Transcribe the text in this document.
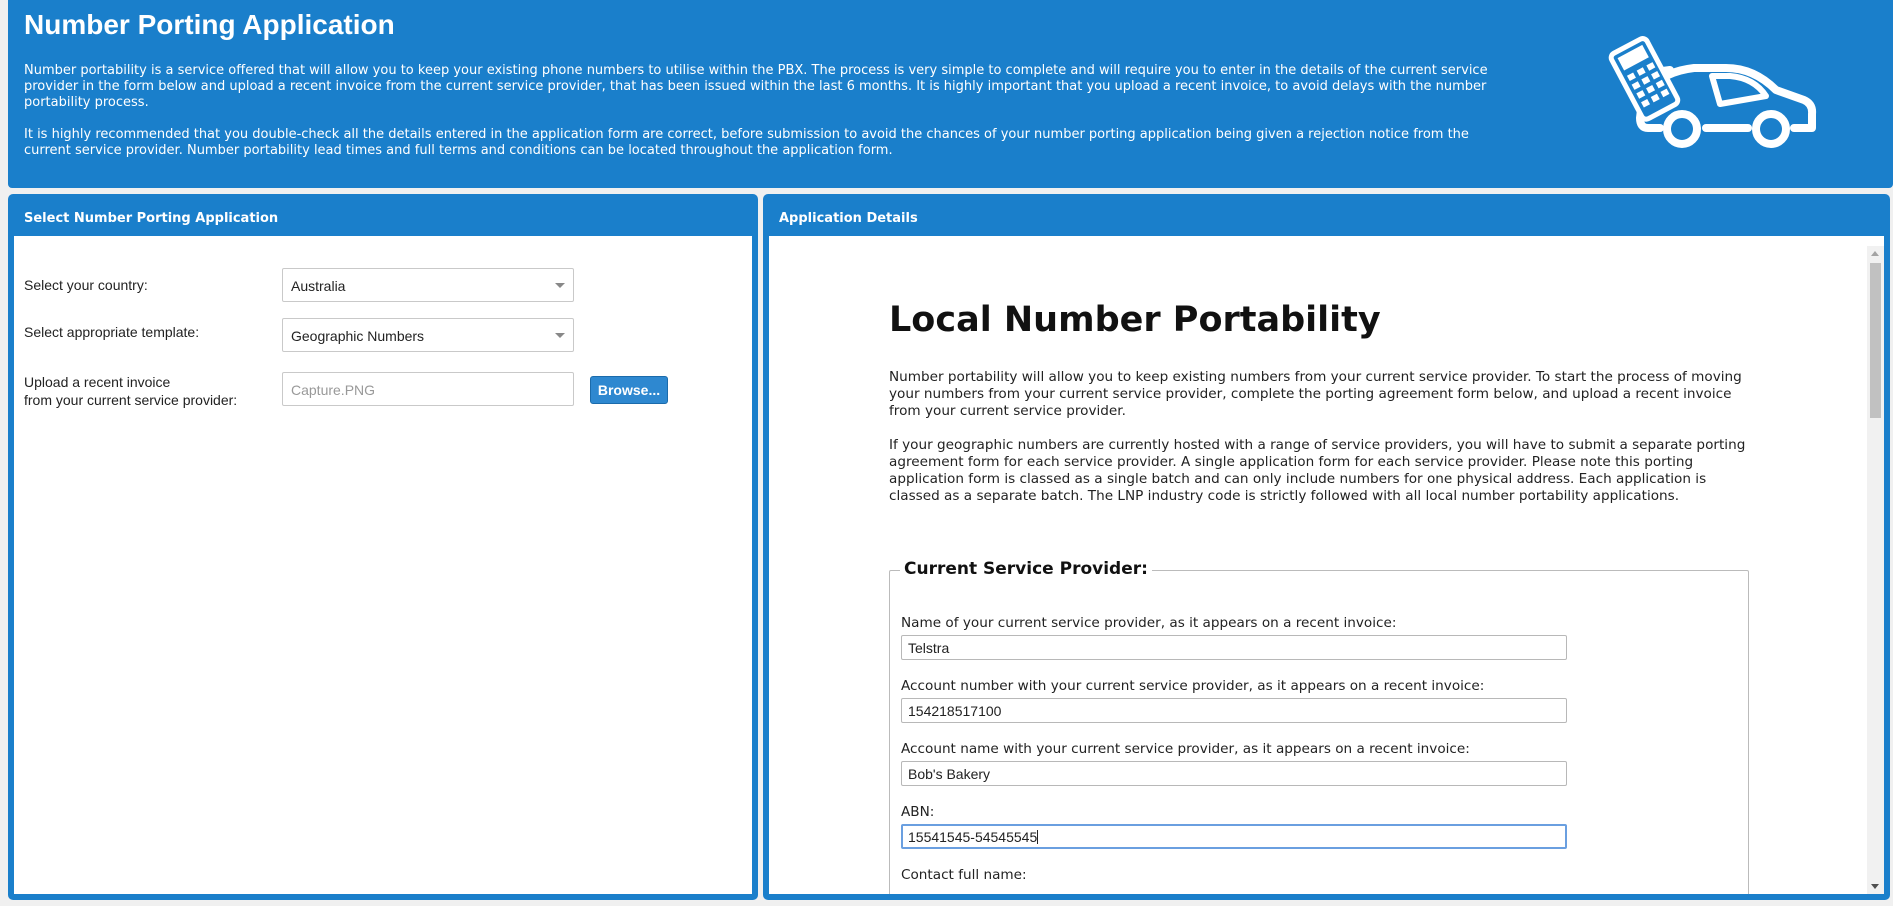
Number Porting Application
Number portability is a service offered that will allow you to keep your existing phone numbers to utilise within the PBX. The process is very simple to complete and will require you to enter in the details of the current service provider in the form below and upload a recent invoice from the current service provider, that has been issued within the last 6 months. It is highly important that you upload a recent invoice, to avoid delays with the number portability process.
It is highly recommended that you double-check all the details entered in the application form are correct, before submission to avoid the chances of your number porting application being given a rejection notice from the current service provider. Number portability lead times and full terms and conditions can be located throughout the application form.
Select Number Porting Application
Select your country:	Australia
Select appropriate template:	Geographic Numbers
Upload a recent invoice
from your current service provider:
Capture.PNG	Browse...
Application Details
Local Number Portability
Number portability will allow you to keep existing numbers from your current service provider. To start the process of moving your numbers from your current service provider, complete the porting agreement form below, and upload a recent invoice from your current service provider.
If your geographic numbers are currently hosted with a range of service providers, you will have to submit a separate porting agreement form for each service provider. A single application form for each service provider. Please note this porting application form is classed as a single batch and can only include numbers for one physical address. Each application is classed as a separate batch. The LNP industry code is strictly followed with all local number portability applications.
Current Service Provider:
Name of your current service provider, as it appears on a recent invoice:
Telstra
Account number with your current service provider, as it appears on a recent invoice:
154218517100
Account name with your current service provider, as it appears on a recent invoice:
Bob's Bakery
ABN:
15541545-54545545
Contact full name:
